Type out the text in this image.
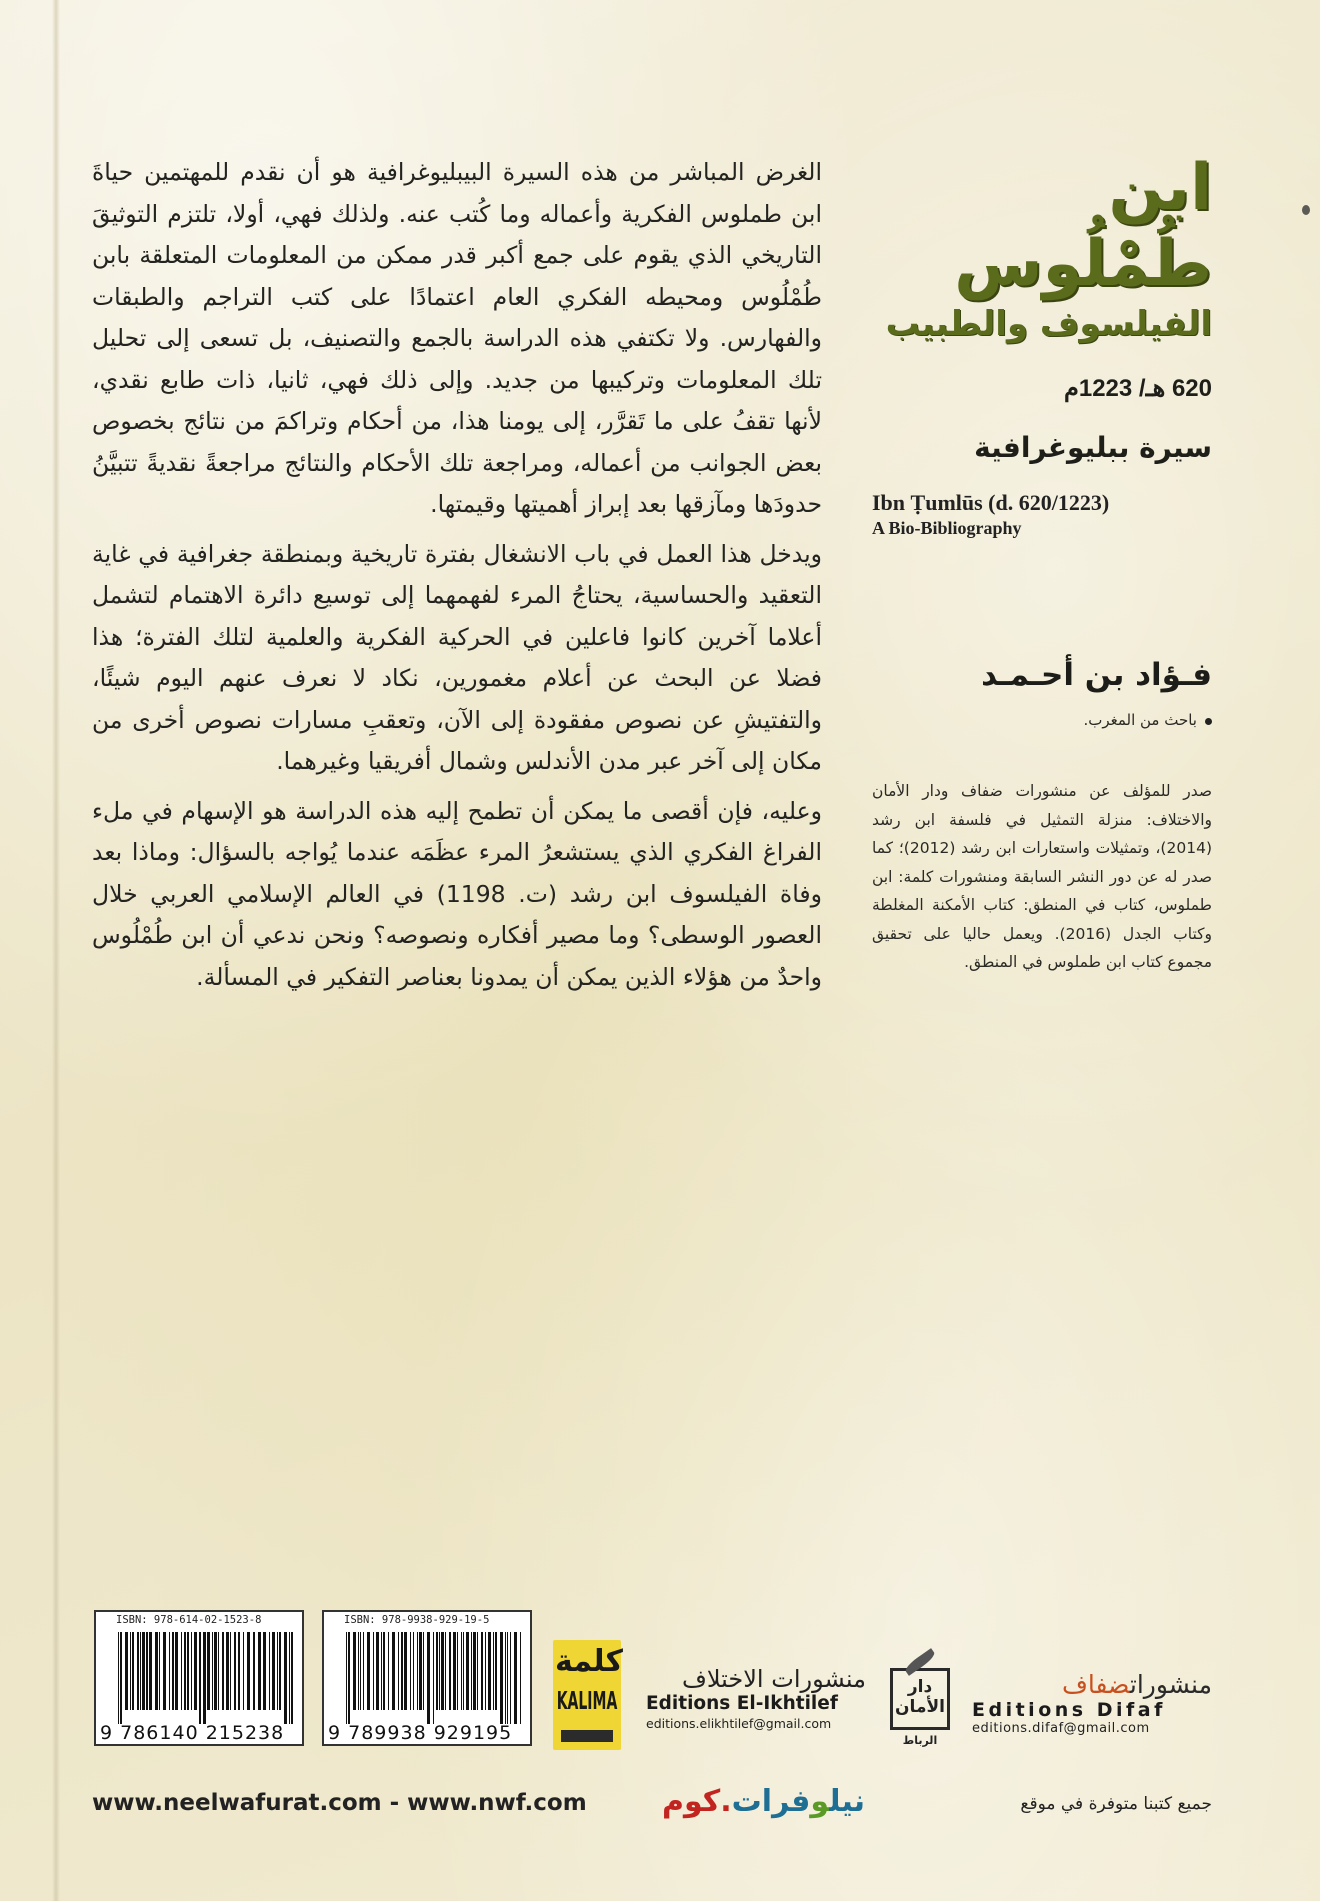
الغرض المباشر من هذه السيرة البيبليوغرافية هو أن نقدم للمهتمين حياةَ ابن طملوس الفكرية وأعماله وما كُتب عنه. ولذلك فهي، أولا، تلتزم التوثيقَ التاريخي الذي يقوم على جمع أكبر قدر ممكن من المعلومات المتعلقة بابن طُمْلُوس ومحيطه الفكري العام اعتمادًا على كتب التراجم والطبقات والفهارس. ولا تكتفي هذه الدراسة بالجمع والتصنيف، بل تسعى إلى تحليل تلك المعلومات وتركيبها من جديد. وإلى ذلك فهي، ثانيا، ذات طابع نقدي، لأنها تقفُ على ما تَقرَّر، إلى يومنا هذا، من أحكام وتراكمَ من نتائج بخصوص بعض الجوانب من أعماله، ومراجعة تلك الأحكام والنتائج مراجعةً نقديةً تتبيَّنُ حدودَها ومآزقها بعد إبراز أهميتها وقيمتها.

ويدخل هذا العمل في باب الانشغال بفترة تاريخية وبمنطقة جغرافية في غاية التعقيد والحساسية، يحتاجُ المرء لفهمهما إلى توسيع دائرة الاهتمام لتشمل أعلاما آخرين كانوا فاعلين في الحركية الفكرية والعلمية لتلك الفترة؛ هذا فضلا عن البحث عن أعلام مغمورين، نكاد لا نعرف عنهم اليوم شيئًا، والتفتيشِ عن نصوص مفقودة إلى الآن، وتعقبِ مسارات نصوص أخرى من مكان إلى آخر عبر مدن الأندلس وشمال أفريقيا وغيرهما.

وعليه، فإن أقصى ما يمكن أن تطمح إليه هذه الدراسة هو الإسهام في ملء الفراغ الفكري الذي يستشعرُ المرء عظَمَه عندما يُواجه بالسؤال: وماذا بعد وفاة الفيلسوف ابن رشد (ت. 1198) في العالم الإسلامي العربي خلال العصور الوسطى؟ وما مصير أفكاره ونصوصه؟ ونحن ندعي أن ابن طُمْلُوس واحدٌ من هؤلاء الذين يمكن أن يمدونا بعناصر التفكير في المسألة.

ابن طُمْلُوس
الفيلسوف والطبيب
620 هـ/ 1223م
سيرة ببليوغرافية
Ibn Ṭumlūs (d. 620/1223)
A Bio-Bibliography
فـؤاد بن أحـمـد
باحث من المغرب.
صدر للمؤلف عن منشورات ضفاف ودار الأمان والاختلاف: منزلة التمثيل في فلسفة ابن رشد (2014)، وتمثيلات واستعارات ابن رشد (2012)؛ كما صدر له عن دور النشر السابقة ومنشورات كلمة: ابن طملوس، كتاب في المنطق: كتاب الأمكنة المغلطة وكتاب الجدل (2016). ويعمل حاليا على تحقيق مجموع كتاب ابن طملوس في المنطق.
ISBN: 978-614-02-1523-8
9 786140 215238
ISBN: 978-9938-929-19-5
9 789938 929195
كلمة
KALIMA
منشورات الاختلاف
Editions El-Ikhtilef
editions.elikhtilef@gmail.com
دار الأمان
الرباط
منشوراتضفاف
Editions Difaf
editions.difaf@gmail.com
www.neelwafurat.com - www.nwf.com	نيلوفرات.كوم	جميع كتبنا متوفرة في موقع
